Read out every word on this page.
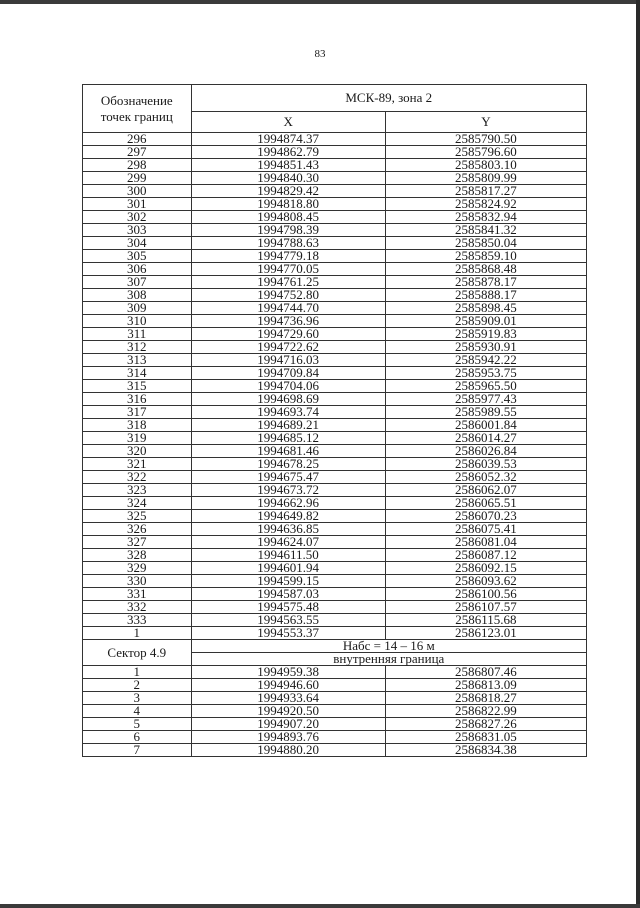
83
Обозначение
точек границ	МСК-89, зона 2	
	X	Y
296	1994874.37	2585790.50
297	1994862.79	2585796.60
298	1994851.43	2585803.10
299	1994840.30	2585809.99
300	1994829.42	2585817.27
301	1994818.80	2585824.92
302	1994808.45	2585832.94
303	1994798.39	2585841.32
304	1994788.63	2585850.04
305	1994779.18	2585859.10
306	1994770.05	2585868.48
307	1994761.25	2585878.17
308	1994752.80	2585888.17
309	1994744.70	2585898.45
310	1994736.96	2585909.01
311	1994729.60	2585919.83
312	1994722.62	2585930.91
313	1994716.03	2585942.22
314	1994709.84	2585953.75
315	1994704.06	2585965.50
316	1994698.69	2585977.43
317	1994693.74	2585989.55
318	1994689.21	2586001.84
319	1994685.12	2586014.27
320	1994681.46	2586026.84
321	1994678.25	2586039.53
322	1994675.47	2586052.32
323	1994673.72	2586062.07
324	1994662.96	2586065.51
325	1994649.82	2586070.23
326	1994636.85	2586075.41
327	1994624.07	2586081.04
328	1994611.50	2586087.12
329	1994601.94	2586092.15
330	1994599.15	2586093.62
331	1994587.03	2586100.56
332	1994575.48	2586107.57
333	1994563.55	2586115.68
1	1994553.37	2586123.01
Сектор 4.9	Набс = 14 – 16 м	
	внутренняя граница	
1	1994959.38	2586807.46
2	1994946.60	2586813.09
3	1994933.64	2586818.27
4	1994920.50	2586822.99
5	1994907.20	2586827.26
6	1994893.76	2586831.05
7	1994880.20	2586834.38
